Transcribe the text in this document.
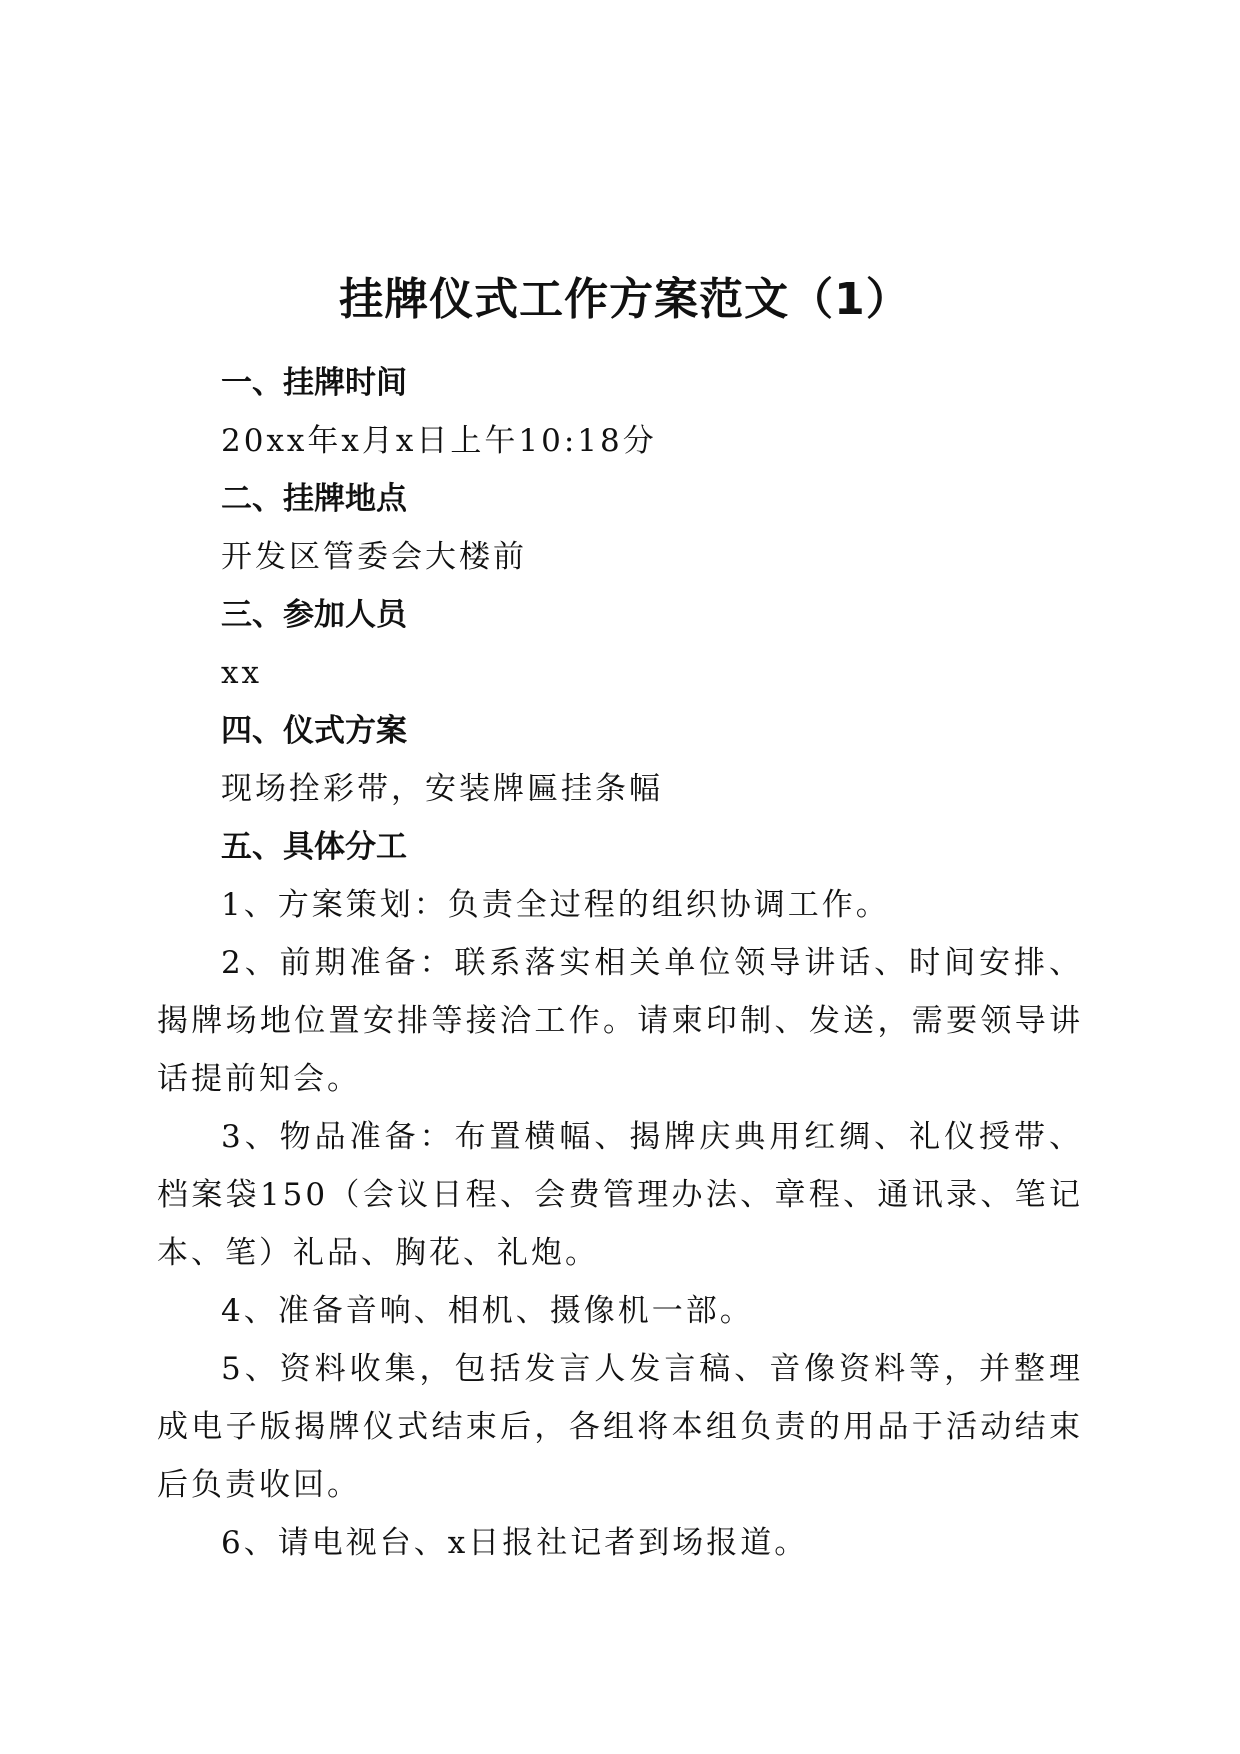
挂牌仪式工作方案范文（1）
一、挂牌时间
20xx年x月x日上午10:18分
二、挂牌地点
开发区管委会大楼前
三、参加人员
xx
四、仪式方案
现场拴彩带，安装牌匾挂条幅
五、具体分工
1、方案策划：负责全过程的组织协调工作。
2、前期准备：联系落实相关单位领导讲话、时间安排、揭牌场地位置安排等接洽工作。请柬印制、发送，需要领导讲话提前知会。
3、物品准备：布置横幅、揭牌庆典用红绸、礼仪授带、档案袋150（会议日程、会费管理办法、章程、通讯录、笔记本、笔）礼品、胸花、礼炮。
4、准备音响、相机、摄像机一部。
5、资料收集，包括发言人发言稿、音像资料等，并整理成电子版揭牌仪式结束后，各组将本组负责的用品于活动结束后负责收回。
6、请电视台、x日报社记者到场报道。
